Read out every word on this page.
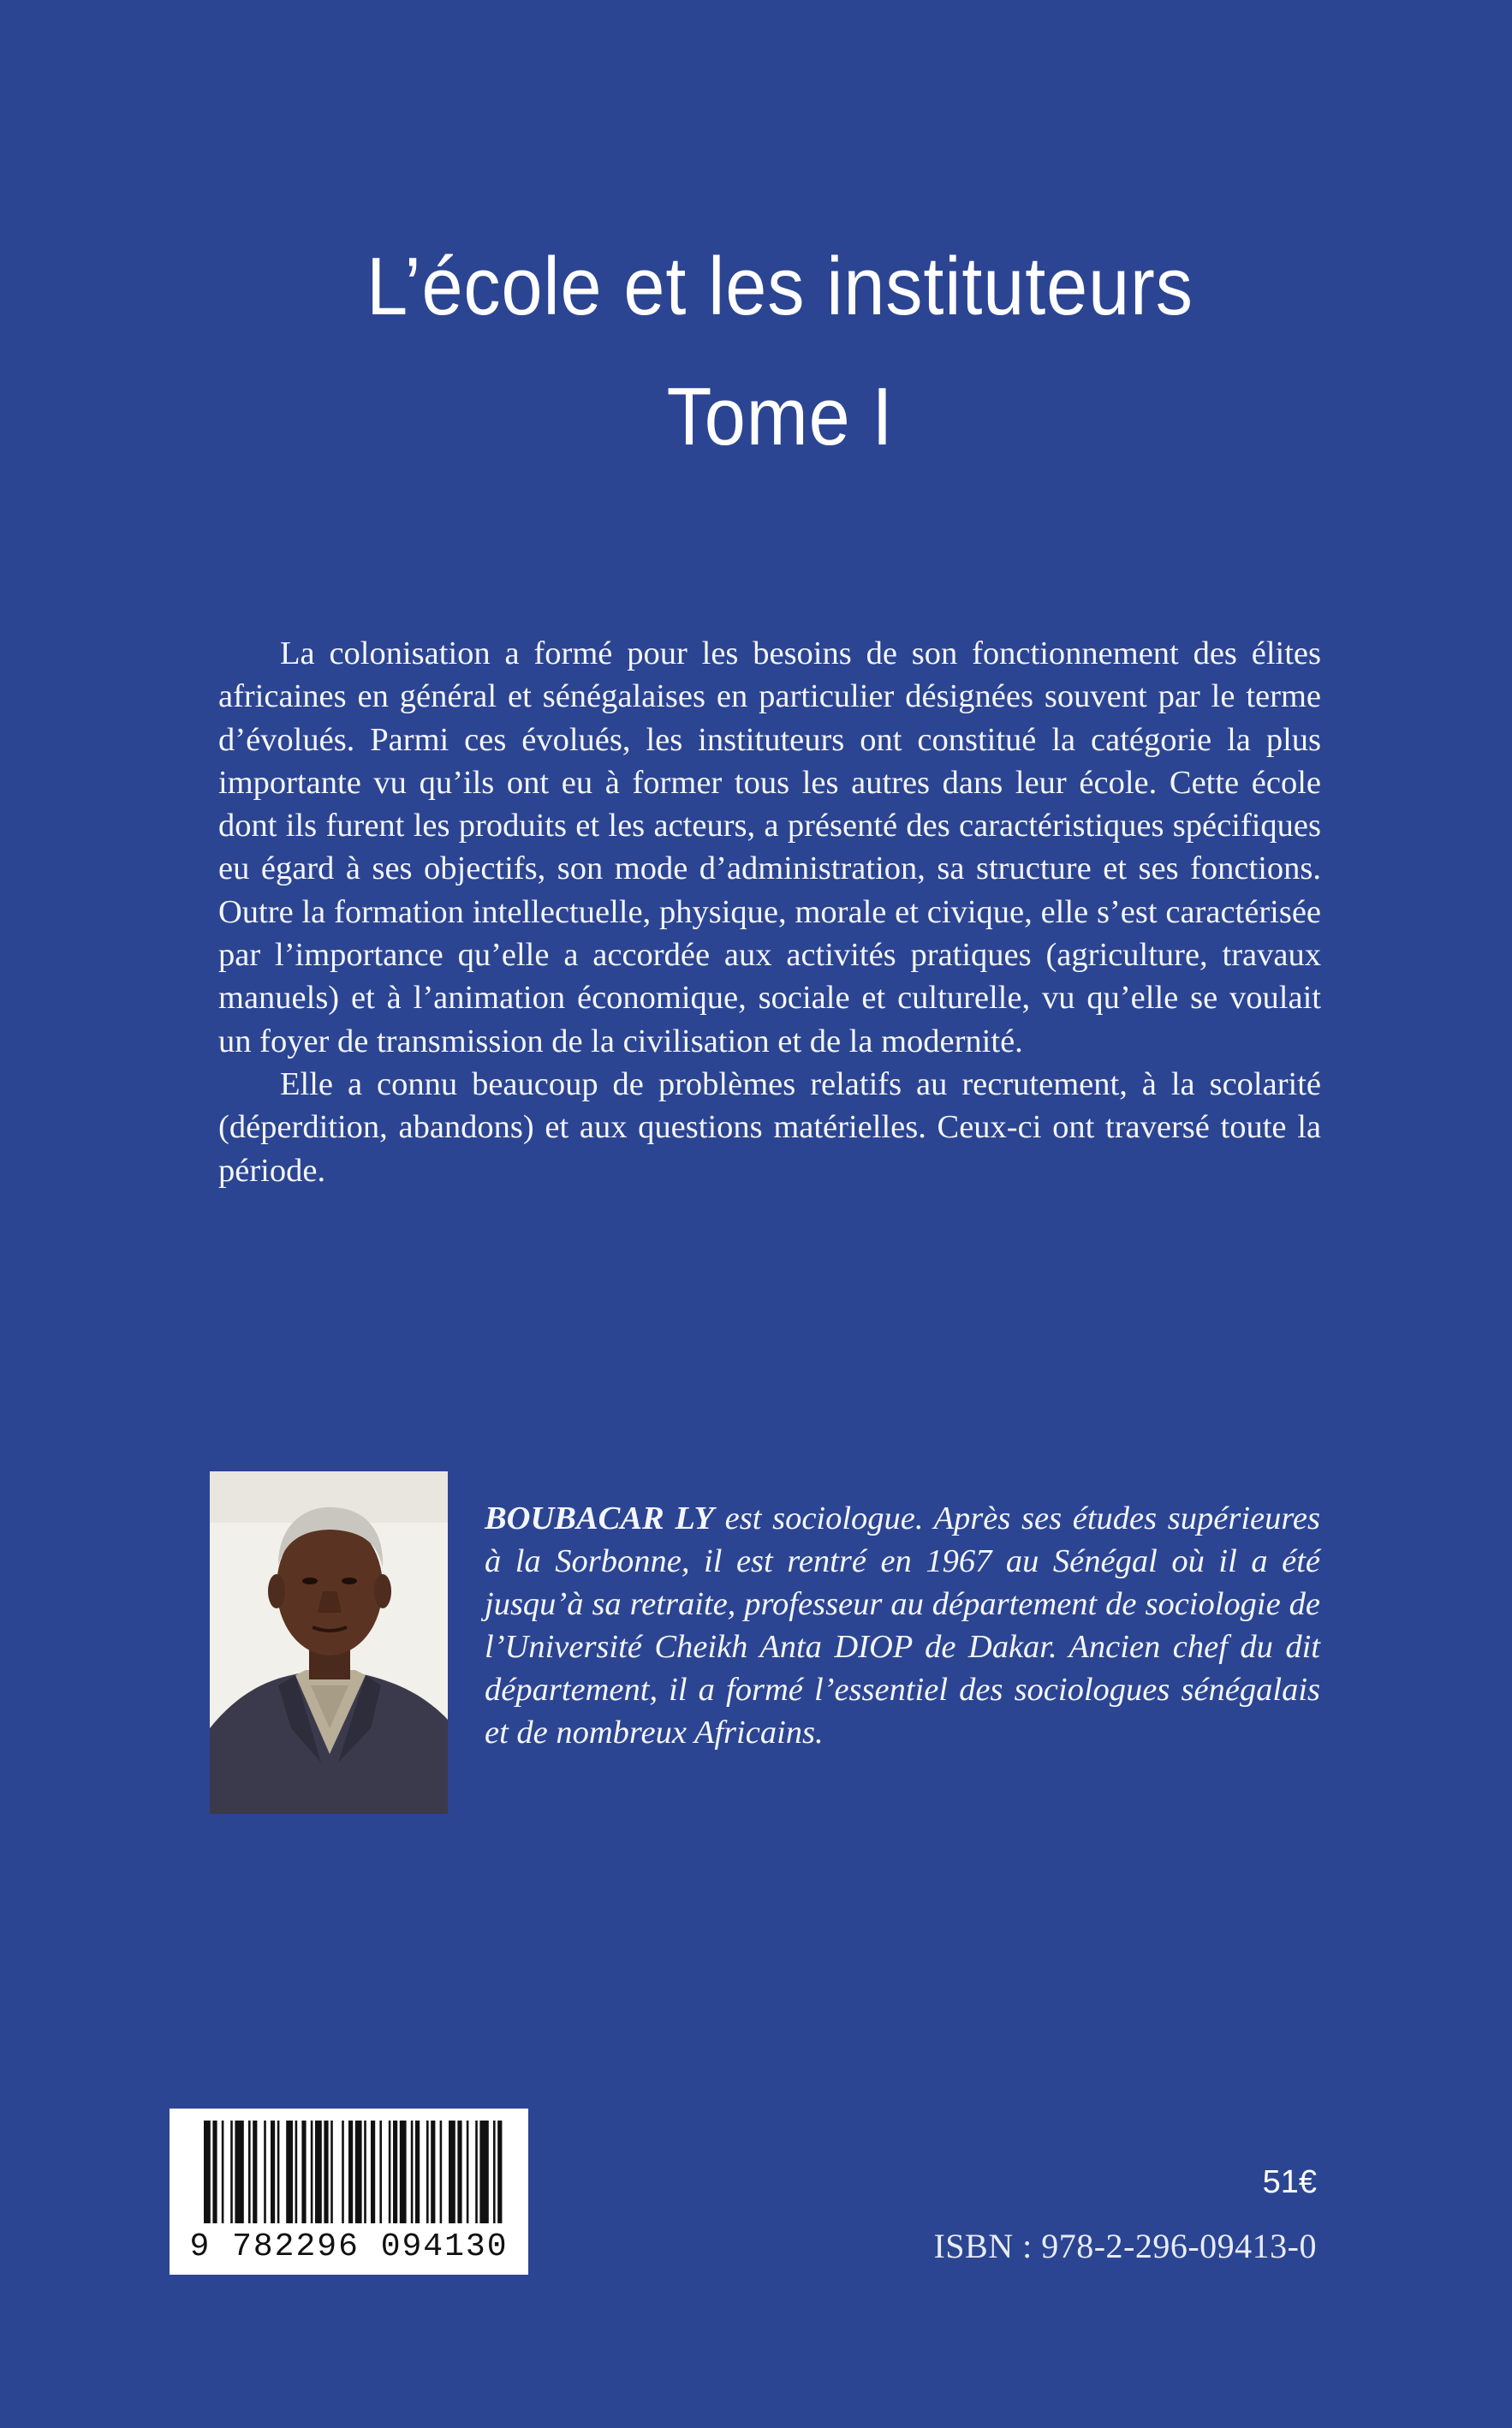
L’école et les instituteurs
Tome I

La colonisation a formé pour les besoins de son fonctionnement des élites africaines en général et sénégalaises en particulier désignées souvent par le terme d’évolués. Parmi ces évolués, les instituteurs ont constitué la catégorie la plus importante vu qu’ils ont eu à former tous les autres dans leur école. Cette école dont ils furent les produits et les acteurs, a présenté des caractéristiques spécifiques eu égard à ses objectifs, son mode d’administration, sa structure et ses fonctions. Outre la formation intellectuelle, physique, morale et civique, elle s’est caractérisée par l’importance qu’elle a accordée aux activités pratiques (agriculture, travaux manuels) et à l’animation économique, sociale et culturelle, vu qu’elle se voulait un foyer de transmission de la civilisation et de la modernité.

Elle a connu beaucoup de problèmes relatifs au recrutement, à la scolarité (déperdition, abandons) et aux questions matérielles. Ceux-ci ont traversé toute la période.

BOUBACAR LY est sociologue. Après ses études supérieures à la Sorbonne, il est rentré en 1967 au Sénégal où il a été jusqu’à sa retraite, professeur au département de sociologie de l’Université Cheikh Anta DIOP de Dakar. Ancien chef du dit département, il a formé l’essentiel des sociologues sénégalais et de nombreux Africains.
9 782296 094130
51€
ISBN : 978-2-296-09413-0
